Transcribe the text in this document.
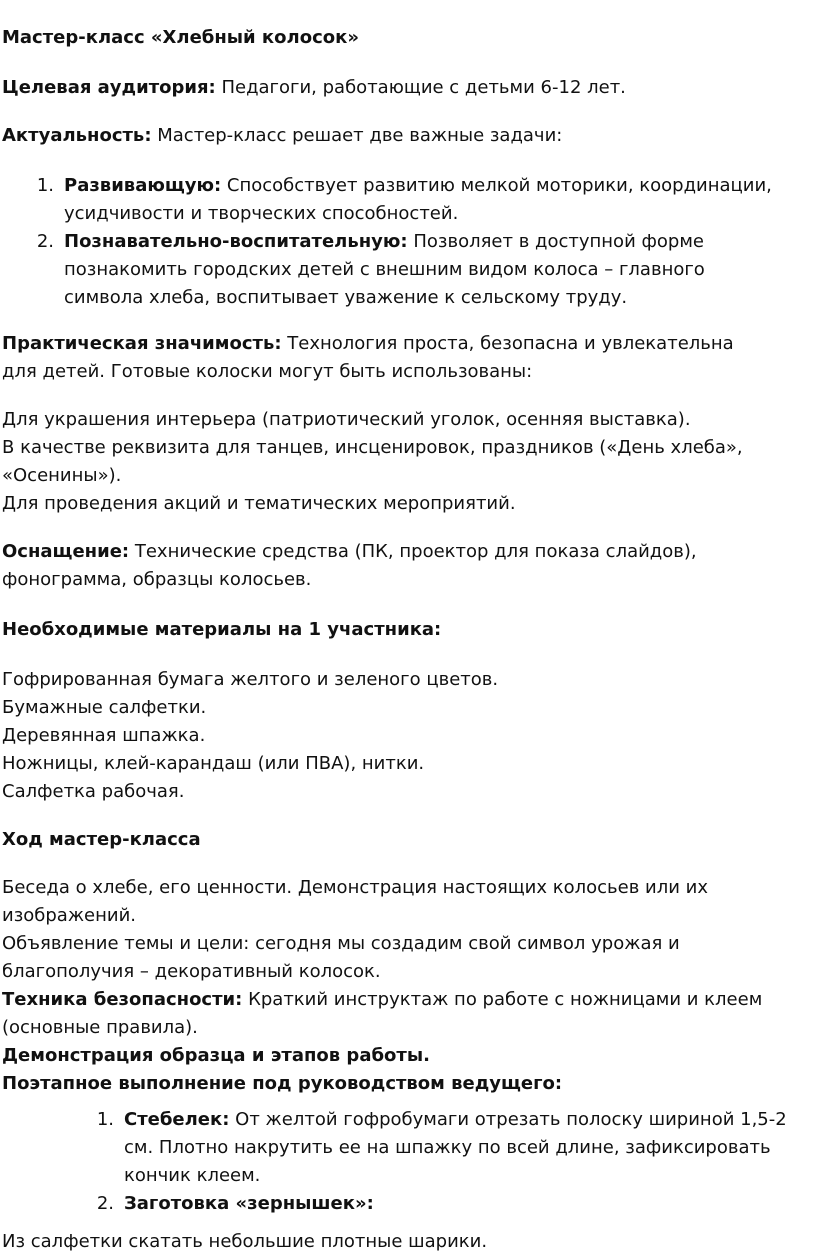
Мастер-класс «Хлебный колосок»

Целевая аудитория: Педагоги, работающие с детьми 6-12 лет.

Актуальность: Мастер-класс решает две важные задачи:

1. Развивающую: Способствует развитию мелкой моторики, координации, усидчивости и творческих способностей.

2. Познавательно-воспитательную: Позволяет в доступной форме познакомить городских детей с внешним видом колоса – главного символа хлеба, воспитывает уважение к сельскому труду.

Практическая значимость: Технология проста, безопасна и увлекательна для детей. Готовые колоски могут быть использованы:

Для украшения интерьера (патриотический уголок, осенняя выставка).

В качестве реквизита для танцев, инсценировок, праздников («День хлеба», «Осенины»).

Для проведения акций и тематических мероприятий.

Оснащение: Технические средства (ПК, проектор для показа слайдов), фонограмма, образцы колосьев.

Необходимые материалы на 1 участника:

Гофрированная бумага желтого и зеленого цветов.

Бумажные салфетки.

Деревянная шпажка.

Ножницы, клей-карандаш (или ПВА), нитки.

Салфетка рабочая.

Ход мастер-класса

Беседа о хлебе, его ценности. Демонстрация настоящих колосьев или их изображений.

Объявление темы и цели: сегодня мы создадим свой символ урожая и благополучия – декоративный колосок.

Техника безопасности: Краткий инструктаж по работе с ножницами и клеем (основные правила).

Демонстрация образца и этапов работы.

Поэтапное выполнение под руководством ведущего:

1. Стебелек: От желтой гофробумаги отрезать полоску шириной 1,5-2 см. Плотно накрутить ее на шпажку по всей длине, зафиксировать кончик клеем.

2. Заготовка «зернышек»:

Из салфетки скатать небольшие плотные шарики.
